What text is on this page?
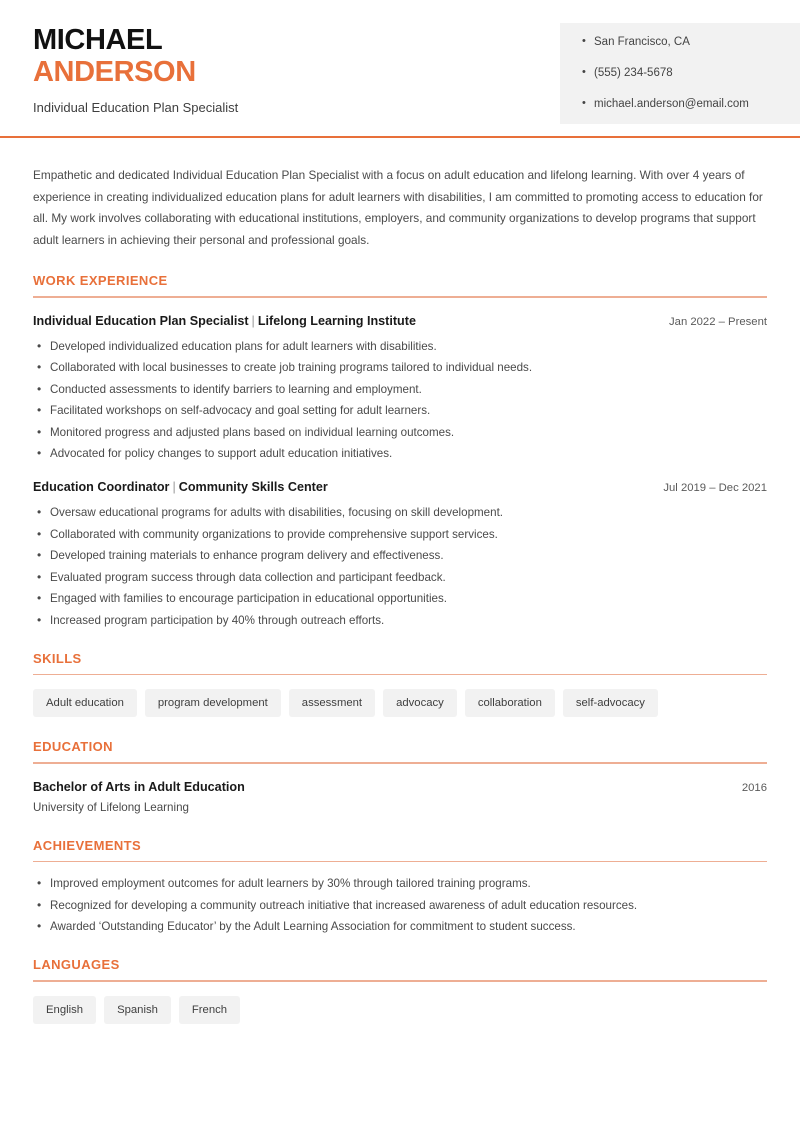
• San Francisco, CA
• (555) 234-5678
• michael.anderson@email.com
MICHAEL
ANDERSON

Individual Education Plan Specialist

Empathetic and dedicated Individual Education Plan Specialist with a focus on adult education and lifelong learning. With over 4 years of experience in creating individualized education plans for adult learners with disabilities, I am committed to promoting access to education for all. My work involves collaborating with educational institutions, employers, and community organizations to develop programs that support adult learners in achieving their personal and professional goals.

WORK EXPERIENCE
Individual Education Plan Specialist | Lifelong Learning Institute	Jan 2022 – Present
• Developed individualized education plans for adult learners with disabilities.
• Collaborated with local businesses to create job training programs tailored to individual needs.
• Conducted assessments to identify barriers to learning and employment.
• Facilitated workshops on self-advocacy and goal setting for adult learners.
• Monitored progress and adjusted plans based on individual learning outcomes.
• Advocated for policy changes to support adult education initiatives.
Education Coordinator | Community Skills Center	Jul 2019 – Dec 2021
• Oversaw educational programs for adults with disabilities, focusing on skill development.
• Collaborated with community organizations to provide comprehensive support services.
• Developed training materials to enhance program delivery and effectiveness.
• Evaluated program success through data collection and participant feedback.
• Engaged with families to encourage participation in educational opportunities.
• Increased program participation by 40% through outreach efforts.
SKILLS
Adult education	program development	assessment	advocacy	collaboration	self-advocacy
EDUCATION
Bachelor of Arts in Adult Education	2016
University of Lifelong Learning
ACHIEVEMENTS
• Improved employment outcomes for adult learners by 30% through tailored training programs.
• Recognized for developing a community outreach initiative that increased awareness of adult education resources.
• Awarded ‘Outstanding Educator’ by the Adult Learning Association for commitment to student success.
LANGUAGES
English	Spanish	French
